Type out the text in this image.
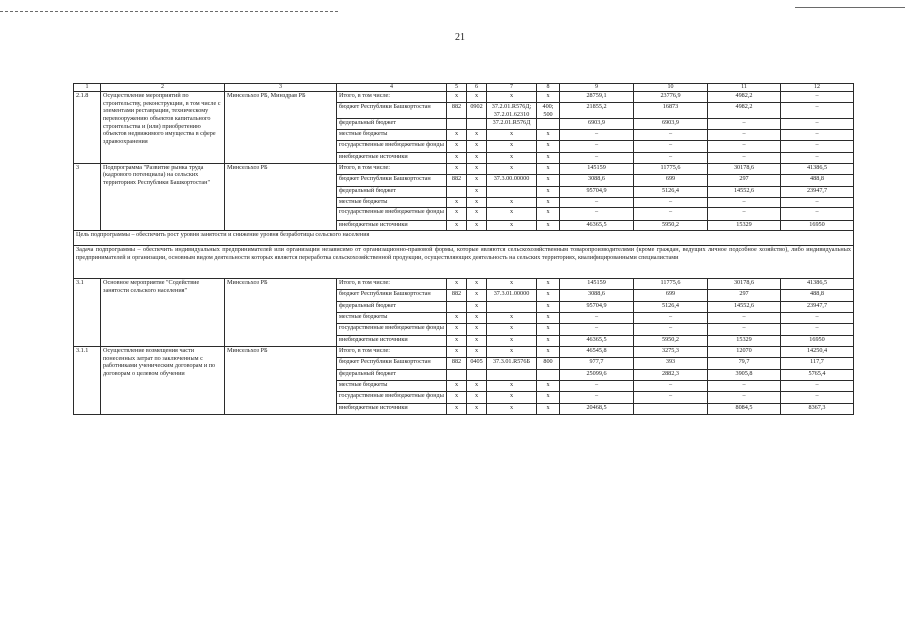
21
1	2	3	4	5	6	7	8	9	10	11	12
2.1.8	Осуществление мероприятий по строительству, реконструкции, в том числе с элементами реставрации, техническому перевооружению объектов капитального строительства и (или) приобретению объектов недвижимого имущества в сфере здравоохранения	Минсельхоз РБ, Минздрав РБ	Итого, в том числе:	x	x	x	x	28759,1	23776,9	4982,2	–
			бюджет Республики Башкортостан	882	0902	37.2.01.R576Д; 37.2.01.62310	400; 500	21855,2	16873	4982,2	–
			федеральный бюджет			37.2.01.R576Д		6903,9	6903,9	–	–
			местные бюджеты	x	x	x	x	–	–	–	–
			государственные внебюджетные фонды	x	x	x	x	–	–	–	–
			внебюджетные источники	x	x	x	x	–	–	–	–
3	Подпрограмма "Развитие рынка труда (кадрового потенциала) на сельских территориях Республики Башкортостан"	Минсельхоз РБ	Итого, в том числе:	x	x	x	x	145159	11775,6	30178,6	41386,5
			бюджет Республики Башкортостан	882	x	37.3.00.00000	x	3088,6	699	297	488,8
			федеральный бюджет		x		x	95704,9	5126,4	14552,6	23947,7
			местные бюджеты	x	x	x	x	–	–	–	–
			государственные внебюджетные фонды	x	x	x	x	–	–	–	–
			внебюджетные источники	x	x	x	x	46365,5	5950,2	15329	16950
Цель подпрограммы – обеспечить рост уровня занятости и снижение уровня безработицы сельского населения											
Задача подпрограммы – обеспечить индивидуальных предпринимателей или организации независимо от организационно-правовой формы, которые являются сельскохозяйственным товаропроизводителями (кроме граждан, ведущих личное подсобное хозяйство), либо индивидуальных предпринимателей и организации, основным видом деятельности которых является переработка сельскохозяйственной продукции, осуществляющих деятельность на сельских территориях, квалифицированными специалистами											
3.1	Основное мероприятие "Содействие занятости сельского населения"	Минсельхоз РБ	Итого, в том числе:	x	x	x	x	145159	11775,6	30178,6	41386,5
			бюджет Республики Башкортостан	882	x	37.3.01.00000	x	3088,6	699	297	488,8
			федеральный бюджет		x		x	95704,9	5126,4	14552,6	23947,7
			местные бюджеты	x	x	x	x	–	–	–	–
			государственные внебюджетные фонды	x	x	x	x	–	–	–	–
			внебюджетные источники	x	x	x	x	46365,5	5950,2	15329	16950
3.1.1	Осуществление возмещения части понесенных затрат по заключенным с работниками ученическим договорам и по договорам о целевом обучении	Минсельхоз РБ	Итого, в том числе:	x	x	x	x	46545,8	3275,3	12070	14250,4
			бюджет Республики Башкортостан	882	0405	37.3.01.R576Б	800	977,7	393	79,7	117,7
			федеральный бюджет					25099,6	2882,3	3905,8	5765,4
			местные бюджеты	x	x	x	x	–	–	–	–
			государственные внебюджетные фонды	x	x	x	x	–	–	–	–
			внебюджетные источники	x	x	x	x	20468,5		8084,5	8367,3
